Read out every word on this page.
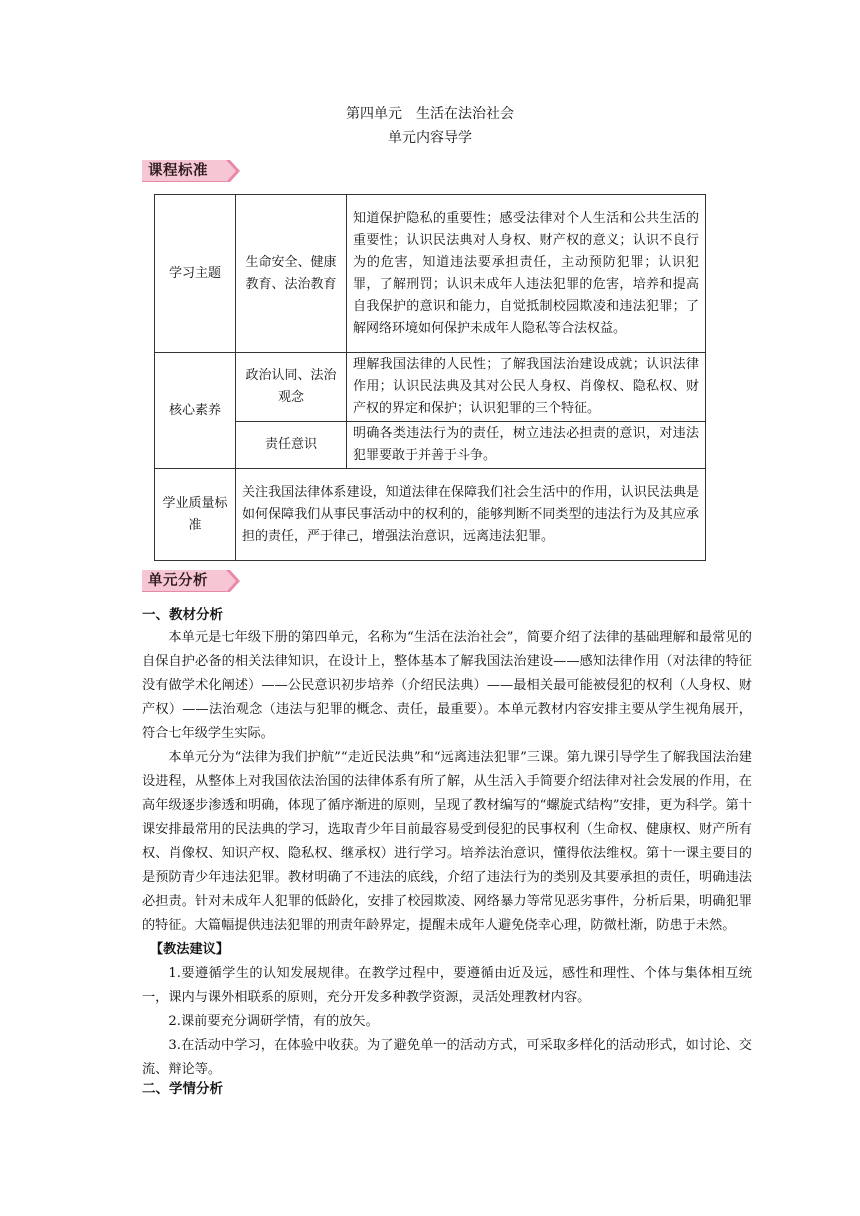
第四单元 生活在法治社会
单元内容导学
课程标准
学习主题	生命安全、健康教育、法治教育	知道保护隐私的重要性；感受法律对个人生活和公共生活的重要性；认识民法典对人身权、财产权的意义；认识不良行为的危害，知道违法要承担责任，主动预防犯罪；认识犯罪，了解刑罚；认识未成年人违法犯罪的危害，培养和提高自我保护的意识和能力，自觉抵制校园欺凌和违法犯罪；了解网络环境如何保护未成年人隐私等合法权益。
核心素养	政治认同、法治观念	理解我国法律的人民性；了解我国法治建设成就；认识法律作用；认识民法典及其对公民人身权、肖像权、隐私权、财产权的界定和保护；认识犯罪的三个特征。
	责任意识	明确各类违法行为的责任，树立违法必担责的意识，对违法犯罪要敢于并善于斗争。
学业质量标准	关注我国法律体系建设，知道法律在保障我们社会生活中的作用，认识民法典是如何保障我们从事民事活动中的权利的，能够判断不同类型的违法行为及其应承担的责任，严于律己，增强法治意识，远离违法犯罪。	
单元分析
一、教材分析

本单元是七年级下册的第四单元，名称为“生活在法治社会”，简要介绍了法律的基础理解和最常见的自保自护必备的相关法律知识，在设计上，整体基本了解我国法治建设——感知法律作用（对法律的特征没有做学术化阐述）——公民意识初步培养（介绍民法典）——最相关最可能被侵犯的权利（人身权、财产权）——法治观念（违法与犯罪的概念、责任，最重要）。本单元教材内容安排主要从学生视角展开，符合七年级学生实际。

本单元分为“法律为我们护航”“走近民法典”和“远离违法犯罪”三课。第九课引导学生了解我国法治建设进程，从整体上对我国依法治国的法律体系有所了解，从生活入手简要介绍法律对社会发展的作用，在高年级逐步渗透和明确，体现了循序渐进的原则，呈现了教材编写的“螺旋式结构”安排，更为科学。第十课安排最常用的民法典的学习，选取青少年目前最容易受到侵犯的民事权利（生命权、健康权、财产所有权、肖像权、知识产权、隐私权、继承权）进行学习。培养法治意识，懂得依法维权。第十一课主要目的是预防青少年违法犯罪。教材明确了不违法的底线，介绍了违法行为的类别及其要承担的责任，明确违法必担责。针对未成年人犯罪的低龄化，安排了校园欺凌、网络暴力等常见恶劣事件，分析后果，明确犯罪的特征。大篇幅提供违法犯罪的刑责年龄界定，提醒未成年人避免侥幸心理，防微杜渐，防患于未然。

【教法建议】

1.要遵循学生的认知发展规律。在教学过程中，要遵循由近及远，感性和理性、个体与集体相互统一，课内与课外相联系的原则，充分开发多种教学资源，灵活处理教材内容。

2.课前要充分调研学情，有的放矢。

3.在活动中学习，在体验中收获。为了避免单一的活动方式，可采取多样化的活动形式，如讨论、交流、辩论等。

二、学情分析
